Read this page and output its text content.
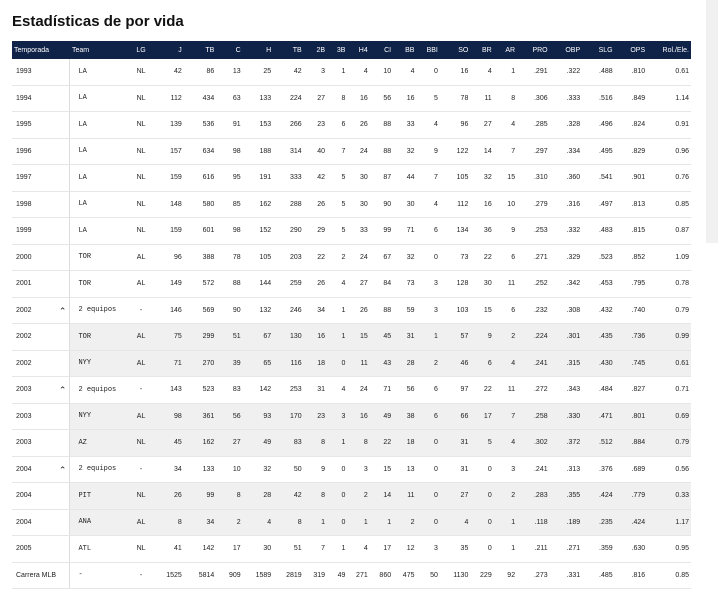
Estadísticas de por vida
Temporada	Team	LG	J	TB	C	H	TB	2B	3B	H4	CI	BB	BBI	SO	BR	AR	PRO	OBP	SLG	OPS	Rol./Ele.
1993	LA	NL	42	86	13	25	42	3	1	4	10	4	0	16	4	1	.291	.322	.488	.810	0.61
1994	LA	NL	112	434	63	133	224	27	8	16	56	16	5	78	11	8	.306	.333	.516	.849	1.14
1995	LA	NL	139	536	91	153	266	23	6	26	88	33	4	96	27	4	.285	.328	.496	.824	0.91
1996	LA	NL	157	634	98	188	314	40	7	24	88	32	9	122	14	7	.297	.334	.495	.829	0.96
1997	LA	NL	159	616	95	191	333	42	5	30	87	44	7	105	32	15	.310	.360	.541	.901	0.76
1998	LA	NL	148	580	85	162	288	26	5	30	90	30	4	112	16	10	.279	.316	.497	.813	0.85
1999	LA	NL	159	601	98	152	290	29	5	33	99	71	6	134	36	9	.253	.332	.483	.815	0.87
2000	TOR	AL	96	388	78	105	203	22	2	24	67	32	0	73	22	6	.271	.329	.523	.852	1.09
2001	TOR	AL	149	572	88	144	259	26	4	27	84	73	3	128	30	11	.252	.342	.453	.795	0.78
2002 ⌃	2 equipos	-	146	569	90	132	246	34	1	26	88	59	3	103	15	6	.232	.308	.432	.740	0.79
2002	TOR	AL	75	299	51	67	130	16	1	15	45	31	1	57	9	2	.224	.301	.435	.736	0.99
2002	NYY	AL	71	270	39	65	116	18	0	11	43	28	2	46	6	4	.241	.315	.430	.745	0.61
2003 ⌃	2 equipos	-	143	523	83	142	253	31	4	24	71	56	6	97	22	11	.272	.343	.484	.827	0.71
2003	NYY	AL	98	361	56	93	170	23	3	16	49	38	6	66	17	7	.258	.330	.471	.801	0.69
2003	AZ	NL	45	162	27	49	83	8	1	8	22	18	0	31	5	4	.302	.372	.512	.884	0.79
2004 ⌃	2 equipos	-	34	133	10	32	50	9	0	3	15	13	0	31	0	3	.241	.313	.376	.689	0.56
2004	PIT	NL	26	99	8	28	42	8	0	2	14	11	0	27	0	2	.283	.355	.424	.779	0.33
2004	ANA	AL	8	34	2	4	8	1	0	1	1	2	0	4	0	1	.118	.189	.235	.424	1.17
2005	ATL	NL	41	142	17	30	51	7	1	4	17	12	3	35	0	1	.211	.271	.359	.630	0.95
Carrera MLB	-	-	1525	5814	909	1589	2819	319	49	271	860	475	50	1130	229	92	.273	.331	.485	.816	0.85
